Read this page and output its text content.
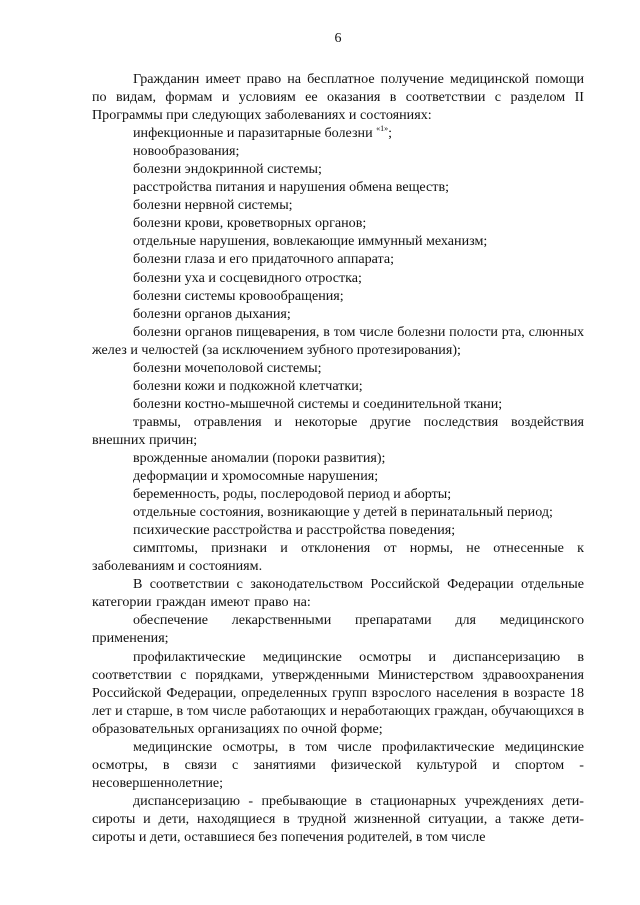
6

Гражданин имеет право на бесплатное получение медицинской помощи по видам, формам и условиям ее оказания в соответствии с разделом II Программы при следующих заболеваниях и состояниях:

инфекционные и паразитарные болезни $^{«1»}$;

новообразования;

болезни эндокринной системы;

расстройства питания и нарушения обмена веществ;

болезни нервной системы;

болезни крови, кроветворных органов;

отдельные нарушения, вовлекающие иммунный механизм;

болезни глаза и его придаточного аппарата;

болезни уха и сосцевидного отростка;

болезни системы кровообращения;

болезни органов дыхания;

болезни органов пищеварения, в том числе болезни полости рта, слюнных желез и челюстей (за исключением зубного протезирования);

болезни мочеполовой системы;

болезни кожи и подкожной клетчатки;

болезни костно-мышечной системы и соединительной ткани;

травмы, отравления и некоторые другие последствия воздействия внешних причин;

врожденные аномалии (пороки развития);

деформации и хромосомные нарушения;

беременность, роды, послеродовой период и аборты;

отдельные состояния, возникающие у детей в перинатальный период;

психические расстройства и расстройства поведения;

симптомы, признаки и отклонения от нормы, не отнесенные к заболеваниям и состояниям.

В соответствии с законодательством Российской Федерации отдельные категории граждан имеют право на:

обеспечение лекарственными препаратами для медицинского применения;

профилактические медицинские осмотры и диспансеризацию в соответствии с порядками, утвержденными Министерством здравоохранения Российской Федерации, определенных групп взрослого населения в возрасте 18 лет и старше, в том числе работающих и неработающих граждан, обучающихся в образовательных организациях по очной форме;

медицинские осмотры, в том числе профилактические медицинские осмотры, в связи с занятиями физической культурой и спортом - несовершеннолетние;

диспансеризацию - пребывающие в стационарных учреждениях дети-сироты и дети, находящиеся в трудной жизненной ситуации, а также дети-сироты и дети, оставшиеся без попечения родителей, в том числе
